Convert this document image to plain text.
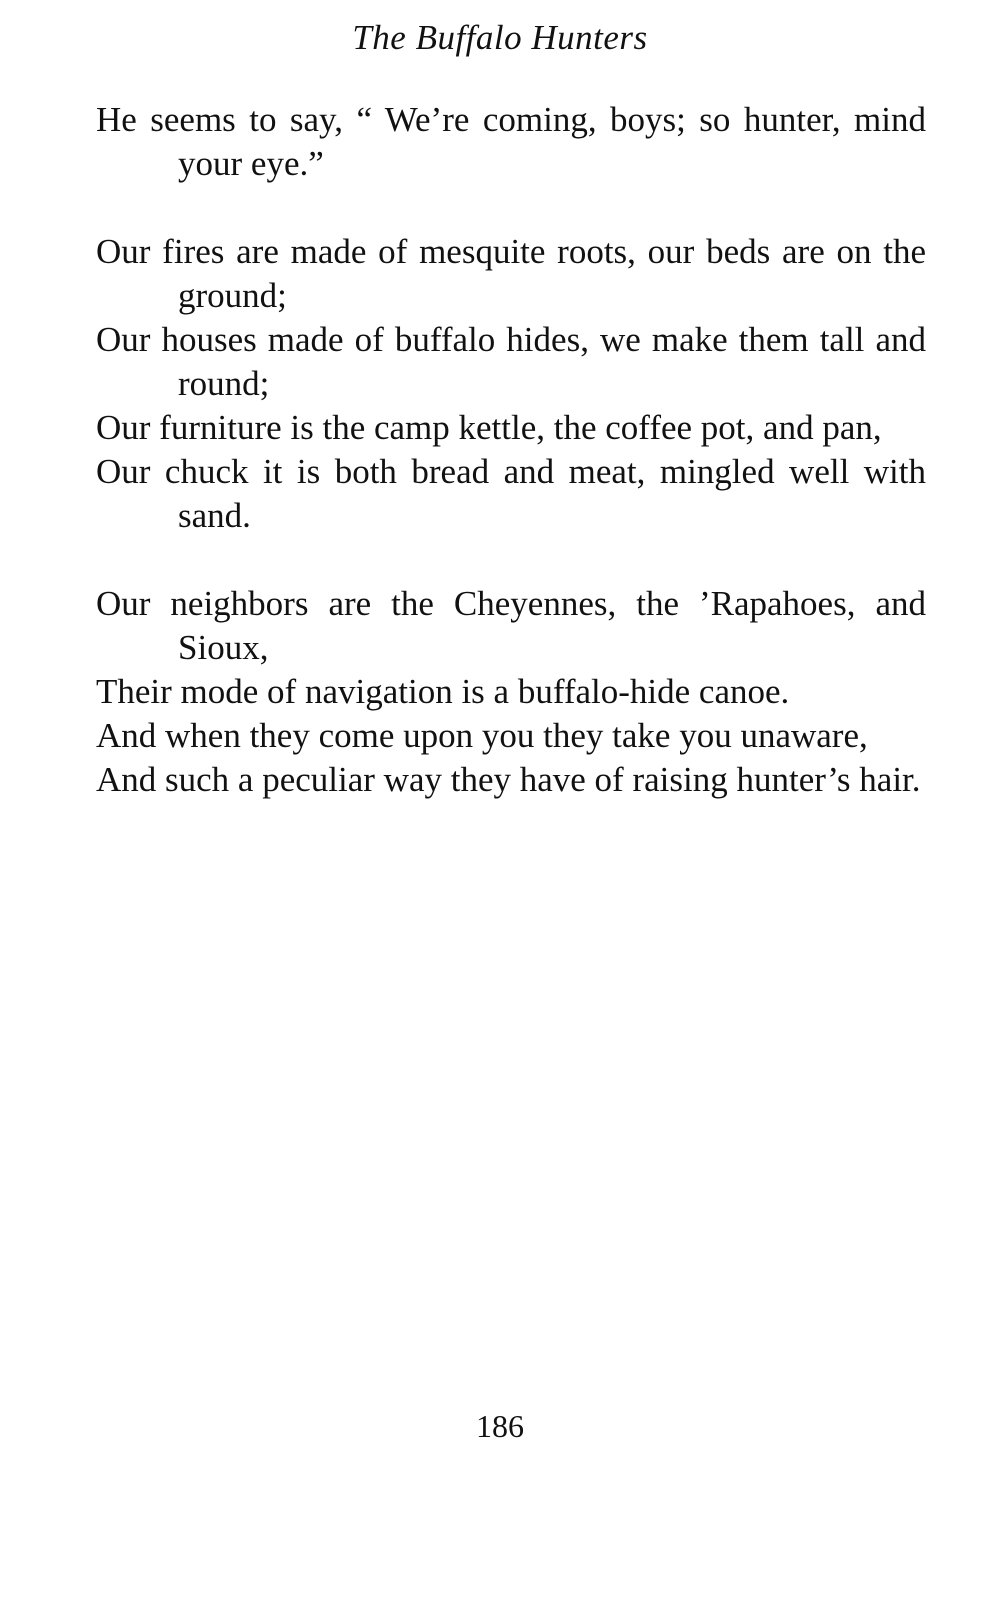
The Buffalo Hunters
He seems to say, “ We’re coming, boys; so hunter, mind your eye.”
Our fires are made of mesquite roots, our beds are on the ground;
Our houses made of buffalo hides, we make them tall and round;
Our furniture is the camp kettle, the coffee pot, and pan,
Our chuck it is both bread and meat, mingled well with sand.
Our neighbors are the Cheyennes, the ’Rapahoes, and Sioux,
Their mode of navigation is a buffalo-hide canoe.
And when they come upon you they take you unaware,
And such a peculiar way they have of raising hunter’s hair.
186
